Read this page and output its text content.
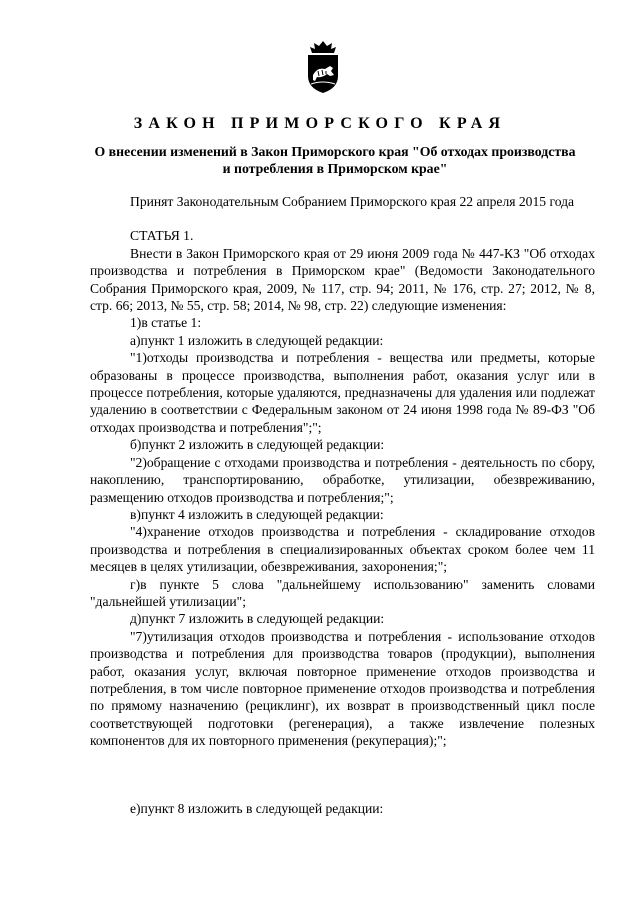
ЗАКОН ПРИМОРСКОГО КРАЯ
О внесении изменений в Закон Приморского края "Об отходах производства и потребления в Приморском крае"

Принят Законодательным Собранием Приморского края 22 апреля 2015 года

СТАТЬЯ 1.

Внести в Закон Приморского края от 29 июня 2009 года № 447-КЗ "Об отходах производства и потребления в Приморском крае" (Ведомости Законодательного Собрания Приморского края, 2009, № 117, стр. 94; 2011, № 176, стр. 27; 2012, № 8, стр. 66; 2013, № 55, стр. 58; 2014, № 98, стр. 22) следующие изменения:

1)в статье 1:

а)пункт 1 изложить в следующей редакции:

"1)отходы производства и потребления - вещества или предметы, которые образованы в процессе производства, выполнения работ, оказания услуг или в процессе потребления, которые удаляются, предназначены для удаления или подлежат удалению в соответствии с Федеральным законом от 24 июня 1998 года № 89-ФЗ "Об отходах производства и потребления";";

б)пункт 2 изложить в следующей редакции:

"2)обращение с отходами производства и потребления - деятельность по сбору, накоплению, транспортированию, обработке, утилизации, обезвреживанию, размещению отходов производства и потребления;";

в)пункт 4 изложить в следующей редакции:

"4)хранение отходов производства и потребления - складирование отходов производства и потребления в специализированных объектах сроком более чем 11 месяцев в целях утилизации, обезвреживания, захоронения;";

г)в пункте 5 слова "дальнейшему использованию" заменить словами "дальнейшей утилизации";

д)пункт 7 изложить в следующей редакции:

"7)утилизация отходов производства и потребления - использование отходов производства и потребления для производства товаров (продукции), выполнения работ, оказания услуг, включая повторное применение отходов производства и потребления, в том числе повторное применение отходов производства и потребления по прямому назначению (рециклинг), их возврат в производственный цикл после соответствующей подготовки (регенерация), а также извлечение полезных компонентов для их повторного применения (рекуперация);";

е)пункт 8 изложить в следующей редакции:
